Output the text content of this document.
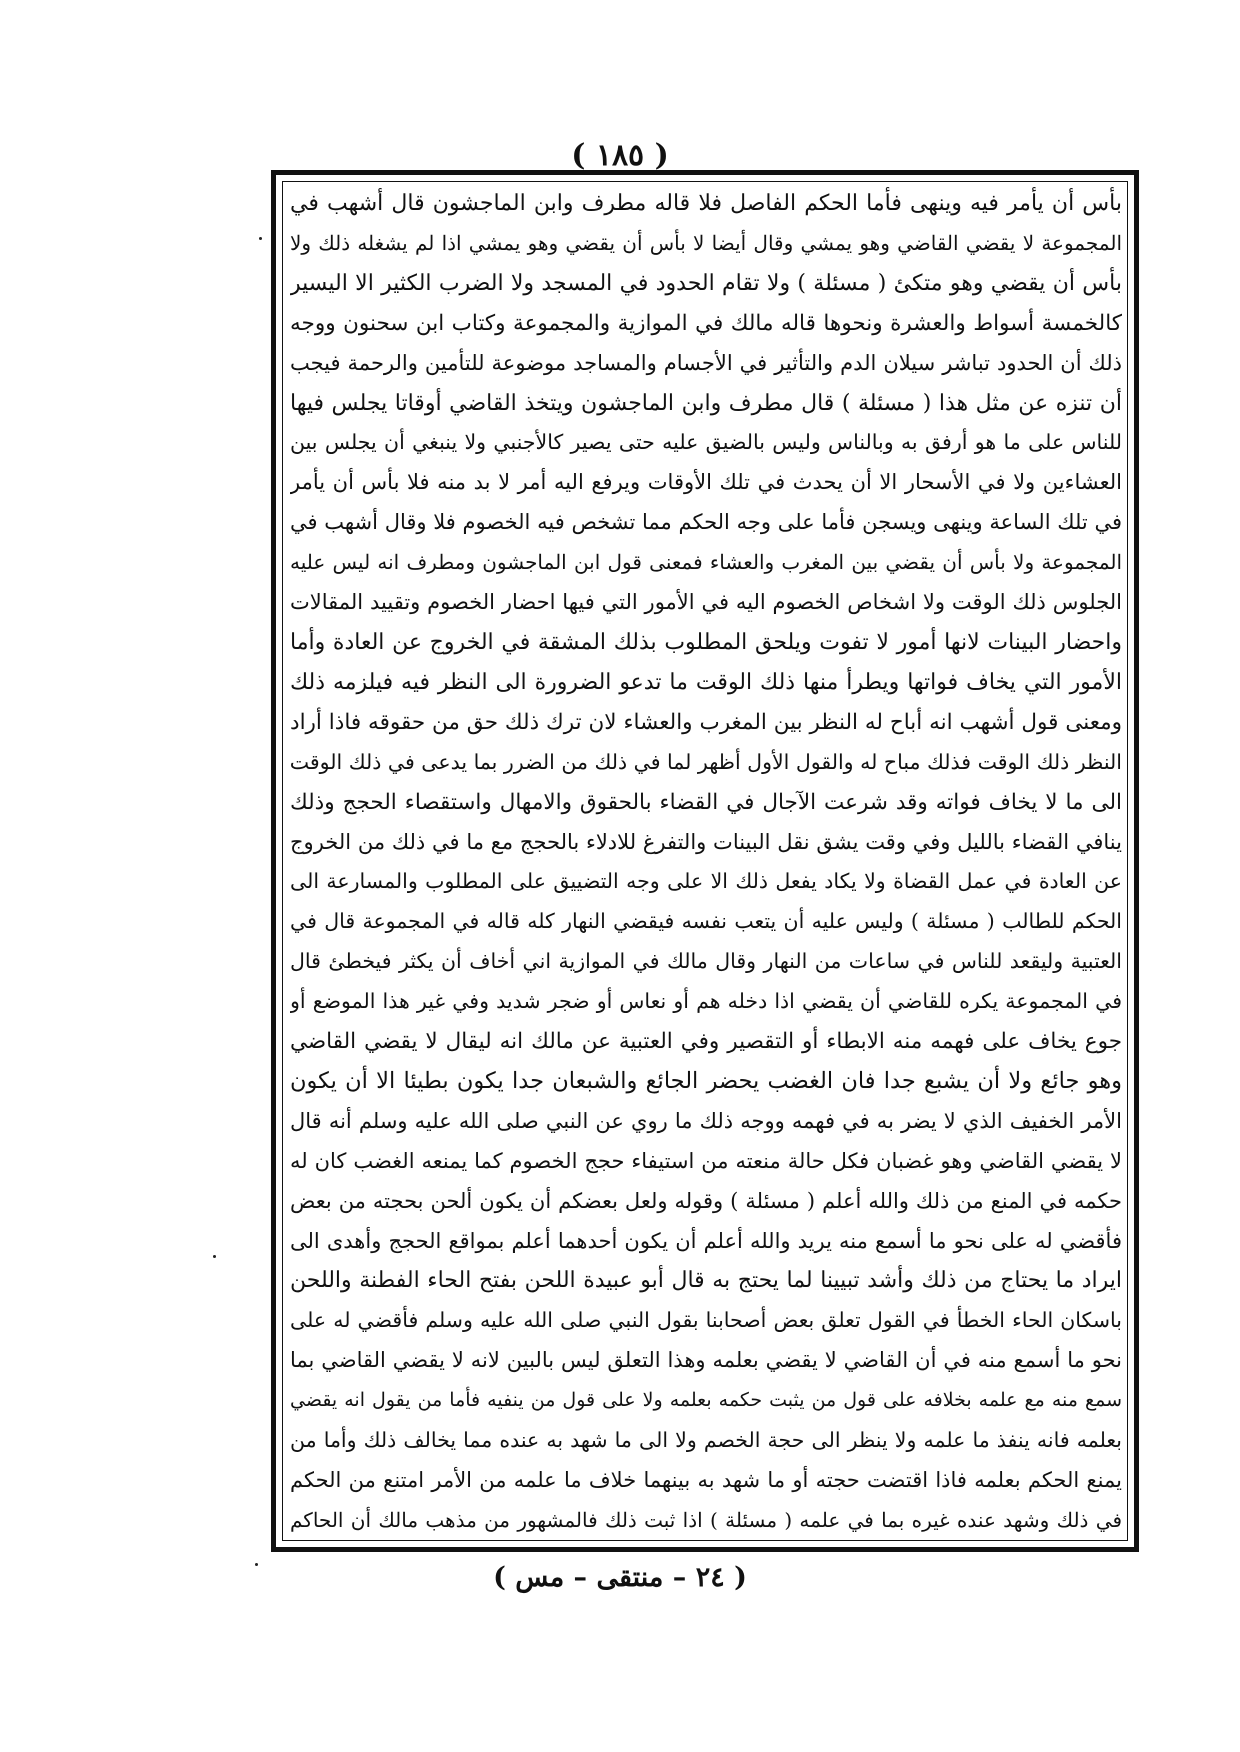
( ١٨٥ )
بأس أن يأمر فيه وينهى فأما الحكم الفاصل فلا قاله مطرف وابن الماجشون قال أشهب في
المجموعة لا يقضي القاضي وهو يمشي وقال أيضا لا بأس أن يقضي وهو يمشي اذا لم يشغله ذلك ولا
بأس أن يقضي وهو متكئ ( مسئلة ) ولا تقام الحدود في المسجد ولا الضرب الكثير الا اليسير
كالخمسة أسواط والعشرة ونحوها قاله مالك في الموازية والمجموعة وكتاب ابن سحنون ووجه
ذلك أن الحدود تباشر سيلان الدم والتأثير في الأجسام والمساجد موضوعة للتأمين والرحمة فيجب
أن تنزه عن مثل هذا ( مسئلة ) قال مطرف وابن الماجشون ويتخذ القاضي أوقاتا يجلس فيها
للناس على ما هو أرفق به وبالناس وليس بالضيق عليه حتى يصير كالأجنبي ولا ينبغي أن يجلس بين
العشاءين ولا في الأسحار الا أن يحدث في تلك الأوقات ويرفع اليه أمر لا بد منه فلا بأس أن يأمر
في تلك الساعة وينهى ويسجن فأما على وجه الحكم مما تشخص فيه الخصوم فلا وقال أشهب في
المجموعة ولا بأس أن يقضي بين المغرب والعشاء فمعنى قول ابن الماجشون ومطرف انه ليس عليه
الجلوس ذلك الوقت ولا اشخاص الخصوم اليه في الأمور التي فيها احضار الخصوم وتقييد المقالات
واحضار البينات لانها أمور لا تفوت ويلحق المطلوب بذلك المشقة في الخروج عن العادة وأما
الأمور التي يخاف فواتها ويطرأ منها ذلك الوقت ما تدعو الضرورة الى النظر فيه فيلزمه ذلك
ومعنى قول أشهب انه أباح له النظر بين المغرب والعشاء لان ترك ذلك حق من حقوقه فاذا أراد
النظر ذلك الوقت فذلك مباح له والقول الأول أظهر لما في ذلك من الضرر بما يدعى في ذلك الوقت
الى ما لا يخاف فواته وقد شرعت الآجال في القضاء بالحقوق والامهال واستقصاء الحجج وذلك
ينافي القضاء بالليل وفي وقت يشق نقل البينات والتفرغ للادلاء بالحجج مع ما في ذلك من الخروج
عن العادة في عمل القضاة ولا يكاد يفعل ذلك الا على وجه التضييق على المطلوب والمسارعة الى
الحكم للطالب ( مسئلة ) وليس عليه أن يتعب نفسه فيقضي النهار كله قاله في المجموعة قال في
العتبية وليقعد للناس في ساعات من النهار وقال مالك في الموازية اني أخاف أن يكثر فيخطئ قال
في المجموعة يكره للقاضي أن يقضي اذا دخله هم أو نعاس أو ضجر شديد وفي غير هذا الموضع أو
جوع يخاف على فهمه منه الابطاء أو التقصير وفي العتبية عن مالك انه ليقال لا يقضي القاضي
وهو جائع ولا أن يشبع جدا فان الغضب يحضر الجائع والشبعان جدا يكون بطيئا الا أن يكون
الأمر الخفيف الذي لا يضر به في فهمه ووجه ذلك ما روي عن النبي صلى الله عليه وسلم أنه قال
لا يقضي القاضي وهو غضبان فكل حالة منعته من استيفاء حجج الخصوم كما يمنعه الغضب كان له
حكمه في المنع من ذلك والله أعلم ( مسئلة ) وقوله ولعل بعضكم أن يكون ألحن بحجته من بعض
فأقضي له على نحو ما أسمع منه يريد والله أعلم أن يكون أحدهما أعلم بمواقع الحجج وأهدى الى
ايراد ما يحتاج من ذلك وأشد تبيينا لما يحتج به قال أبو عبيدة اللحن بفتح الحاء الفطنة واللحن
باسكان الحاء الخطأ في القول تعلق بعض أصحابنا بقول النبي صلى الله عليه وسلم فأقضي له على
نحو ما أسمع منه في أن القاضي لا يقضي بعلمه وهذا التعلق ليس بالبين لانه لا يقضي القاضي بما
سمع منه مع علمه بخلافه على قول من يثبت حكمه بعلمه ولا على قول من ينفيه فأما من يقول انه يقضي
بعلمه فانه ينفذ ما علمه ولا ينظر الى حجة الخصم ولا الى ما شهد به عنده مما يخالف ذلك وأما من
يمنع الحكم بعلمه فاذا اقتضت حجته أو ما شهد به بينهما خلاف ما علمه من الأمر امتنع من الحكم
في ذلك وشهد عنده غيره بما في علمه ( مسئلة ) اذا ثبت ذلك فالمشهور من مذهب مالك أن الحاكم
( ٢٤ – منتقى – مس )
